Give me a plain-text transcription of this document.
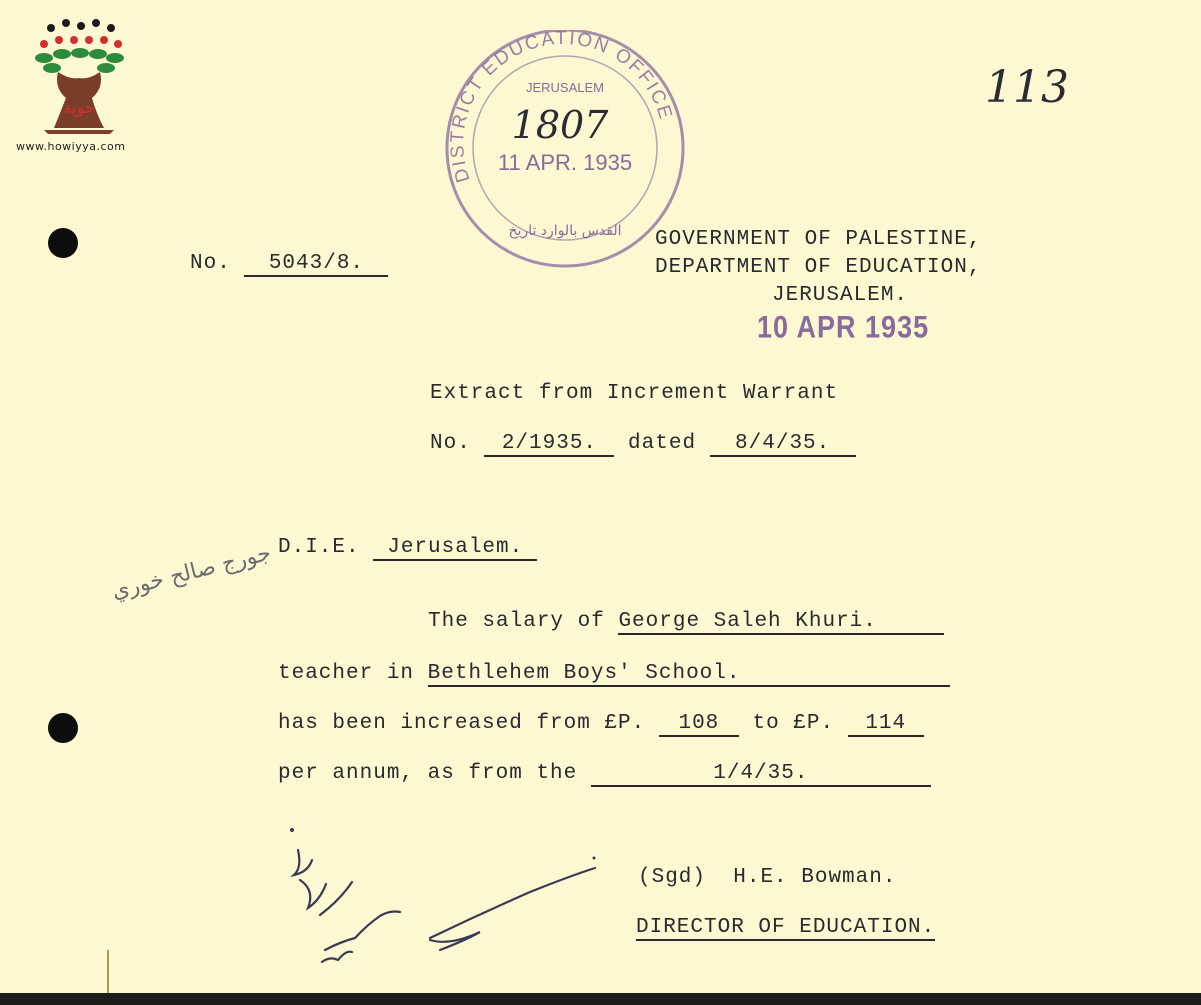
حوية
www.howiyya.com
DISTRICT EDUCATION OFFICE
JERUSALEM
1807
11 APR. 1935
القدس بالوارد تاريخ
113
No. 5043/8.
GOVERNMENT OF PALESTINE,
DEPARTMENT OF EDUCATION,
JERUSALEM.
10 APR 1935
Extract from Increment Warrant
No. 2/1935. dated 8/4/35.
D.I.E. Jerusalem.
جورج صالح خوري
The salary of George Saleh Khuri.
teacher in Bethlehem Boys' School.
has been increased from £P. 108 to £P. 114
per annum, as from the	1/4/35.
(Sgd) H.E. Bowman.
DIRECTOR OF EDUCATION.
